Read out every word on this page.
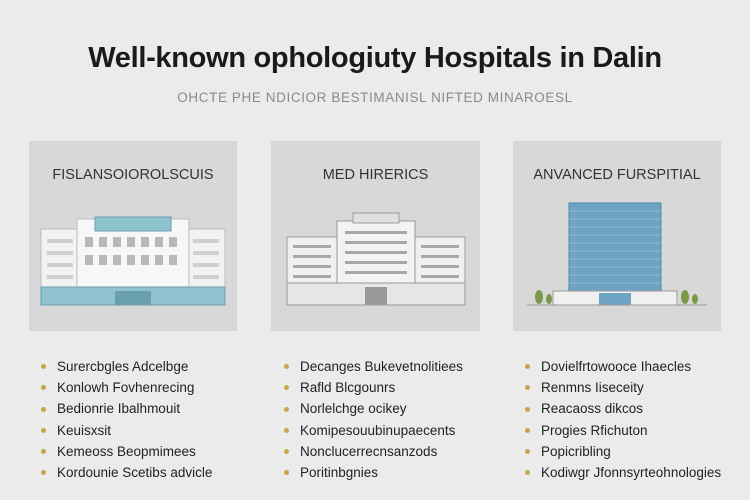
Well-known ophologiuty Hospitals in Dalin
OHCTE PHE NDICIOR BESTIMANISL NIFTED MINAROESL
FISLANSOIOROLSCUIS	MED HIRERICS	ANVANCED FURSPITIAL
Surercbgles Adcelbge
Konlowh Fovhenrecing
Bedionrie Ibalhmouit
Keuisxsit
Kemeoss Beopmimees
Kordounie Scetibs advicle
Decanges Bukevetnolitiees
Rafld Blcgounrs
Norlelchge ocikey
Komipesouubinupaecents
Nonclucerrecnsanzods
Poritinbgnies
Dovielfrtowooce Ihaecles
Renmns Iiseceity
Reacaoss dikcos
Progies Rfichuton
Popicribling
Kodiwgr Jfonnsyrteohnologies
